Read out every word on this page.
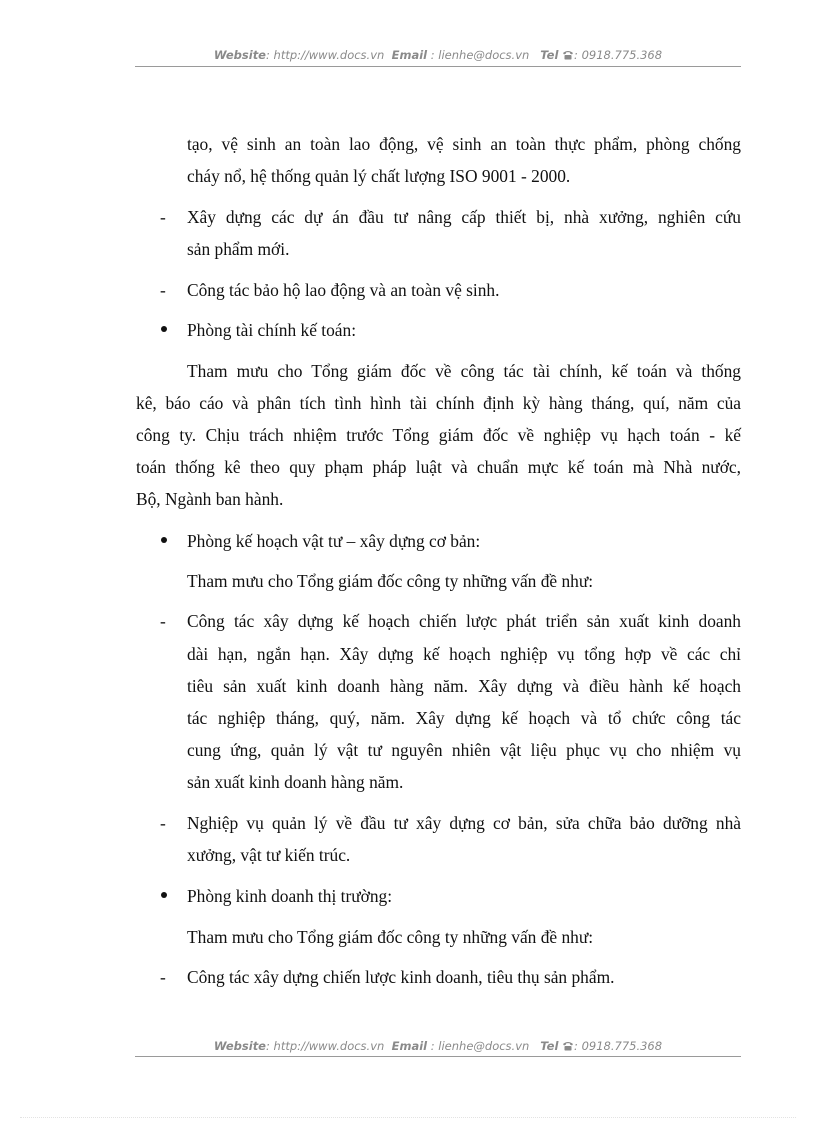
Website: http://www.docs.vn Email : lienhe@docs.vn Tel : 0918.775.368
tạo, vệ sinh an toàn lao động, vệ sinh an toàn thực phẩm, phòng chống
cháy nổ, hệ thống quản lý chất lượng ISO 9001 - 2000.
- Xây dựng các dự án đầu tư nâng cấp thiết bị, nhà xưởng, nghiên cứu
sản phẩm mới.
- Công tác bảo hộ lao động và an toàn vệ sinh.
Phòng tài chính kế toán:
Tham mưu cho Tổng giám đốc về công tác tài chính, kế toán và thống
kê, báo cáo và phân tích tình hình tài chính định kỳ hàng tháng, quí, năm của
công ty. Chịu trách nhiệm trước Tổng giám đốc về nghiệp vụ hạch toán - kế
toán thống kê theo quy phạm pháp luật và chuẩn mực kế toán mà Nhà nước,
Bộ, Ngành ban hành.
Phòng kế hoạch vật tư – xây dựng cơ bản:
Tham mưu cho Tổng giám đốc công ty những vấn đề như:
- Công tác xây dựng kế hoạch chiến lược phát triển sản xuất kinh doanh
dài hạn, ngắn hạn. Xây dựng kế hoạch nghiệp vụ tổng hợp về các chỉ
tiêu sản xuất kinh doanh hàng năm. Xây dựng và điều hành kế hoạch
tác nghiệp tháng, quý, năm. Xây dựng kế hoạch và tổ chức công tác
cung ứng, quản lý vật tư nguyên nhiên vật liệu phục vụ cho nhiệm vụ
sản xuất kinh doanh hàng năm.
- Nghiệp vụ quản lý về đầu tư xây dựng cơ bản, sửa chữa bảo dưỡng nhà
xưởng, vật tư kiến trúc.
Phòng kinh doanh thị trường:
Tham mưu cho Tổng giám đốc công ty những vấn đề như:
- Công tác xây dựng chiến lược kinh doanh, tiêu thụ sản phẩm.
Website: http://www.docs.vn Email : lienhe@docs.vn Tel : 0918.775.368
